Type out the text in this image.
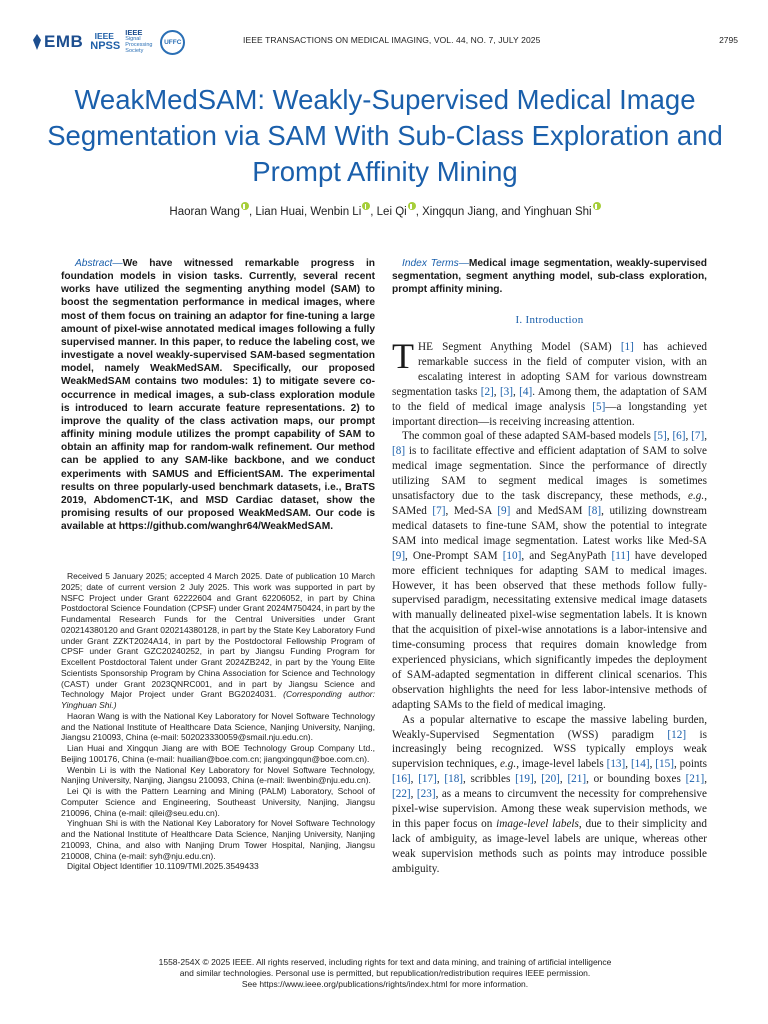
EMB	IEEE
NPSS
IEEE
Signal
Processing
Society
UFFC	IEEE TRANSACTIONS ON MEDICAL IMAGING, VOL. 44, NO. 7, JULY 2025	2795
WeakMedSAM: Weakly-Supervised Medical Image Segmentation via SAM With Sub-Class Exploration and Prompt Affinity Mining
Haoran Wang , Lian Huai, Wenbin Li , Lei Qi , Xingqun Jiang, and Yinghuan Shi
Abstract—We have witnessed remarkable progress in foundation models in vision tasks. Currently, several recent works have utilized the segmenting anything model (SAM) to boost the segmentation performance in medical images, where most of them focus on training an adaptor for fine-tuning a large amount of pixel-wise annotated medical images following a fully supervised manner. In this paper, to reduce the labeling cost, we investigate a novel weakly-supervised SAM-based segmentation model, namely WeakMedSAM. Specifically, our proposed WeakMedSAM contains two modules: 1) to mitigate severe co-occurrence in medical images, a sub-class exploration module is introduced to learn accurate feature representations. 2) to improve the quality of the class activation maps, our prompt affinity mining module utilizes the prompt capability of SAM to obtain an affinity map for random-walk refinement. Our method can be applied to any SAM-like backbone, and we conduct experiments with SAMUS and EfficientSAM. The experimental results on three popularly-used benchmark datasets, i.e., BraTS 2019, AbdomenCT-1K, and MSD Cardiac dataset, show the promising results of our proposed WeakMedSAM. Our code is available at https://github.com/wanghr64/WeakMedSAM.

Received 5 January 2025; accepted 4 March 2025. Date of publication 10 March 2025; date of current version 2 July 2025. This work was supported in part by NSFC Project under Grant 62222604 and Grant 62206052, in part by China Postdoctoral Science Foundation (CPSF) under Grant 2024M750424, in part by the Fundamental Research Funds for the Central Universities under Grant 020214380120 and Grant 020214380128, in part by the State Key Laboratory Fund under Grant ZZKT2024A14, in part by the Postdoctoral Fellowship Program of CPSF under Grant GZC20240252, in part by Jiangsu Funding Program for Excellent Postdoctoral Talent under Grant 2024ZB242, in part by the Young Elite Scientists Sponsorship Program by China Association for Science and Technology (CAST) under Grant 2023QNRC001, and in part by Jiangsu Science and Technology Major Project under Grant BG2024031. (Corresponding author: Yinghuan Shi.)

Haoran Wang is with the National Key Laboratory for Novel Software Technology and the National Institute of Healthcare Data Science, Nanjing University, Nanjing, Jiangsu 210093, China (e-mail: 502023330059@smail.nju.edu.cn).

Lian Huai and Xingqun Jiang are with BOE Technology Group Company Ltd., Beijing 100176, China (e-mail: huailian@boe.com.cn; jiangxingqun@boe.com.cn).

Wenbin Li is with the National Key Laboratory for Novel Software Technology, Nanjing University, Nanjing, Jiangsu 210093, China (e-mail: liwenbin@nju.edu.cn).

Lei Qi is with the Pattern Learning and Mining (PALM) Laboratory, School of Computer Science and Engineering, Southeast University, Nanjing, Jiangsu 210096, China (e-mail: qilei@seu.edu.cn).

Yinghuan Shi is with the National Key Laboratory for Novel Software Technology and the National Institute of Healthcare Data Science, Nanjing University, Nanjing 210093, China, and also with Nanjing Drum Tower Hospital, Nanjing, Jiangsu 210008, China (e-mail: syh@nju.edu.cn).

Digital Object Identifier 10.1109/TMI.2025.3549433

Index Terms—Medical image segmentation, weakly-supervised segmentation, segment anything model, sub-class exploration, prompt affinity mining.
I. Introduction

THE Segment Anything Model (SAM) [1] has achieved remarkable success in the field of computer vision, with an escalating interest in adopting SAM for various downstream segmentation tasks [2], [3], [4]. Among them, the adaptation of SAM to the field of medical image analysis [5]—a longstanding yet important direction—is receiving increasing attention.

The common goal of these adapted SAM-based models [5], [6], [7], [8] is to facilitate effective and efficient adaptation of SAM to solve medical image segmentation. Since the performance of directly utilizing SAM to segment medical images is sometimes unsatisfactory due to the task discrepancy, these methods, e.g., SAMed [7], Med-SA [9] and MedSAM [8], utilizing downstream medical datasets to fine-tune SAM, show the potential to integrate SAM into medical image segmentation. Latest works like Med-SA [9], One-Prompt SAM [10], and SegAnyPath [11] have developed more efficient techniques for adapting SAM to medical images. However, it has been observed that these methods follow fully-supervised paradigm, necessitating extensive medical image datasets with manually delineated pixel-wise segmentation labels. It is known that the acquisition of pixel-wise annotations is a labor-intensive and time-consuming process that requires domain knowledge from experienced physicians, which significantly impedes the deployment of SAM-adapted segmentation in different clinical scenarios. This observation highlights the need for less labor-intensive methods of adapting SAMs to the field of medical imaging.

As a popular alternative to escape the massive labeling burden, Weakly-Supervised Segmentation (WSS) paradigm [12] is increasingly being recognized. WSS typically employs weak supervision techniques, e.g., image-level labels [13], [14], [15], points [16], [17], [18], scribbles [19], [20], [21], or bounding boxes [21], [22], [23], as a means to circumvent the necessity for comprehensive pixel-wise supervision. Among these weak supervision methods, we in this paper focus on image-level labels, due to their simplicity and lack of ambiguity, as image-level labels are unique, whereas other weak supervision methods such as points may introduce possible ambiguity.

1558-254X © 2025 IEEE. All rights reserved, including rights for text and data mining, and training of artificial intelligence
and similar technologies. Personal use is permitted, but republication/redistribution requires IEEE permission.
See https://www.ieee.org/publications/rights/index.html for more information.
